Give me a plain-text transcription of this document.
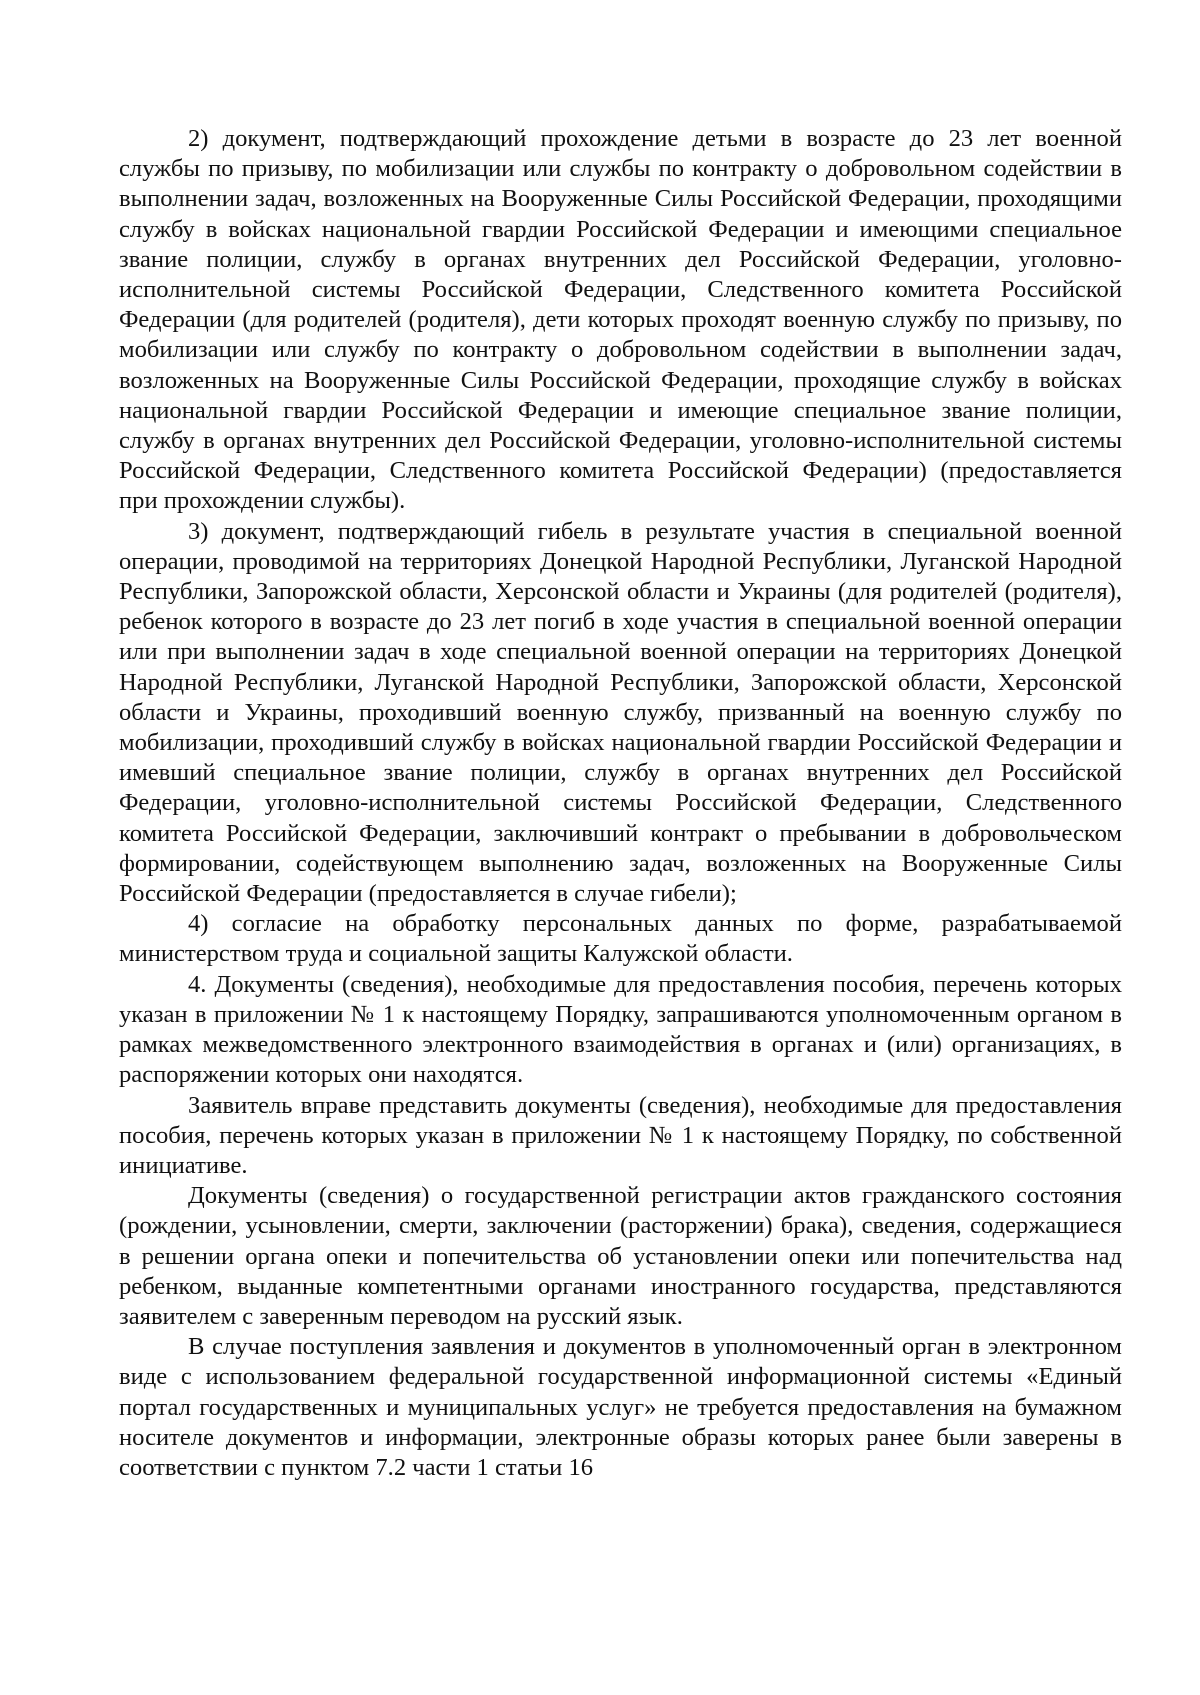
2) документ, подтверждающий прохождение детьми в возрасте до 23 лет военной службы по призыву, по мобилизации или службы по контракту о добровольном содействии в выполнении задач, возложенных на Вооруженные Силы Российской Федерации, проходящими службу в войсках национальной гвардии Российской Федерации и имеющими специальное звание полиции, службу в органах внутренних дел Российской Федерации, уголовно-исполнительной системы Российской Федерации, Следственного комитета Российской Федерации (для родителей (родителя), дети которых проходят военную службу по призыву, по мобилизации или службу по контракту о добровольном содействии в выполнении задач, возложенных на Вооруженные Силы Российской Федерации, проходящие службу в войсках национальной гвардии Российской Федерации и имеющие специальное звание полиции, службу в органах внутренних дел Российской Федерации, уголовно-исполнительной системы Российской Федерации, Следственного комитета Российской Федерации) (предоставляется при прохождении службы).

3) документ, подтверждающий гибель в результате участия в специальной военной операции, проводимой на территориях Донецкой Народной Республики, Луганской Народной Республики, Запорожской области, Херсонской области и Украины (для родителей (родителя), ребенок которого в возрасте до 23 лет погиб в ходе участия в специальной военной операции или при выполнении задач в ходе специальной военной операции на территориях Донецкой Народной Республики, Луганской Народной Республики, Запорожской области, Херсонской области и Украины, проходивший военную службу, призванный на военную службу по мобилизации, проходивший службу в войсках национальной гвардии Российской Федерации и имевший специальное звание полиции, службу в органах внутренних дел Российской Федерации, уголовно-исполнительной системы Российской Федерации, Следственного комитета Российской Федерации, заключивший контракт о пребывании в добровольческом формировании, содействующем выполнению задач, возложенных на Вооруженные Силы Российской Федерации (предоставляется в случае гибели);

4) согласие на обработку персональных данных по форме, разрабатываемой министерством труда и социальной защиты Калужской области.

4. Документы (сведения), необходимые для предоставления пособия, перечень которых указан в приложении № 1 к настоящему Порядку, запрашиваются уполномоченным органом в рамках межведомственного электронного взаимодействия в органах и (или) организациях, в распоряжении которых они находятся.

Заявитель вправе представить документы (сведения), необходимые для предоставления пособия, перечень которых указан в приложении № 1 к настоящему Порядку, по собственной инициативе.

Документы (сведения) о государственной регистрации актов гражданского состояния (рождении, усыновлении, смерти, заключении (расторжении) брака), сведения, содержащиеся в решении органа опеки и попечительства об установлении опеки или попечительства над ребенком, выданные компетентными органами иностранного государства, представляются заявителем с заверенным переводом на русский язык.

В случае поступления заявления и документов в уполномоченный орган в электронном виде с использованием федеральной государственной информационной системы «Единый портал государственных и муниципальных услуг» не требуется предоставления на бумажном носителе документов и информации, электронные образы которых ранее были заверены в соответствии с пунктом 7.2 части 1 статьи 16
